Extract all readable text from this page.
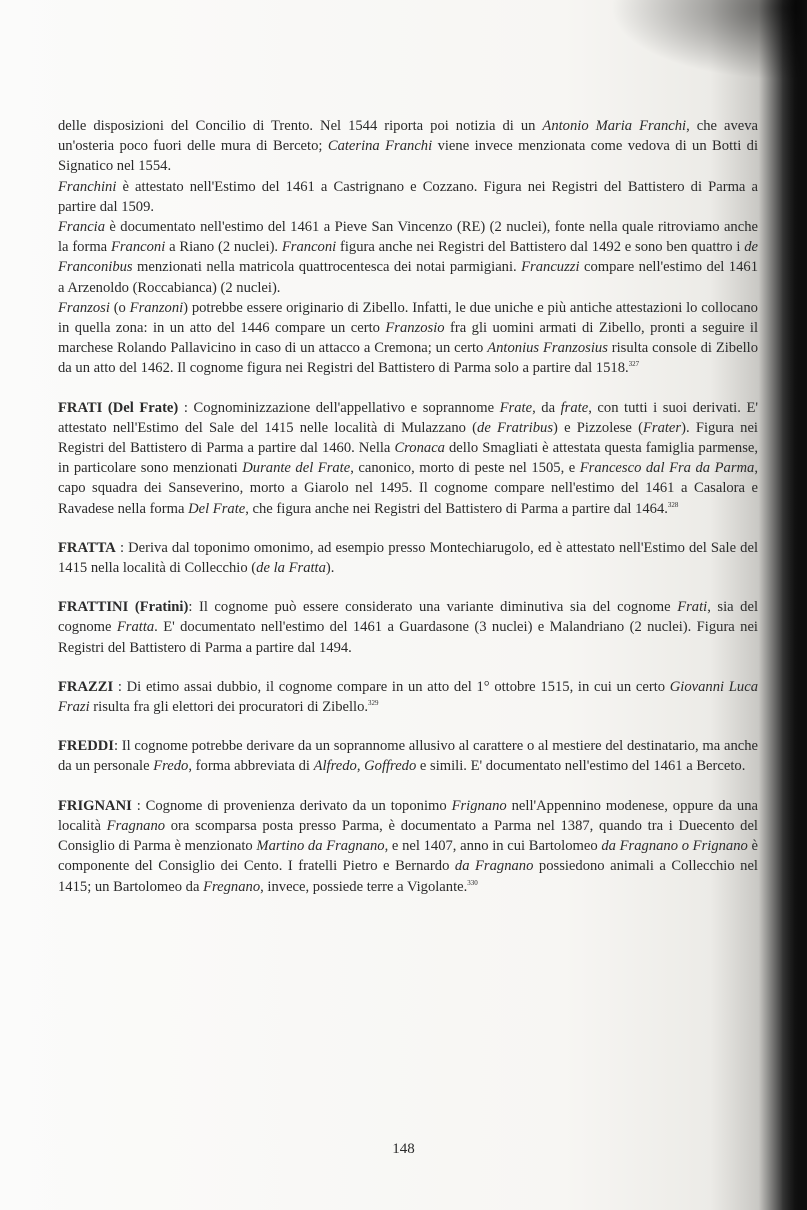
delle disposizioni del Concilio di Trento. Nel 1544 riporta poi notizia di un Antonio Maria Franchi, che aveva un'osteria poco fuori delle mura di Berceto; Caterina Franchi viene invece menzionata come vedova di un Botti di Signatico nel 1554.

Franchini è attestato nell'Estimo del 1461 a Castrignano e Cozzano. Figura nei Registri del Battistero di Parma a partire dal 1509.

Francia è documentato nell'estimo del 1461 a Pieve San Vincenzo (RE) (2 nuclei), fonte nella quale ritroviamo anche la forma Franconi a Riano (2 nuclei). Franconi figura anche nei Registri del Battistero dal 1492 e sono ben quattro i de Franconibus menzionati nella matricola quattrocentesca dei notai parmigiani. Francuzzi compare nell'estimo del 1461 a Arzenoldo (Roccabianca) (2 nuclei).

Franzosi (o Franzoni) potrebbe essere originario di Zibello. Infatti, le due uniche e più antiche attestazioni lo collocano in quella zona: in un atto del 1446 compare un certo Franzosio fra gli uomini armati di Zibello, pronti a seguire il marchese Rolando Pallavicino in caso di un attacco a Cremona; un certo Antonius Franzosius risulta console di Zibello da un atto del 1462. Il cognome figura nei Registri del Battistero di Parma solo a partire dal 1518.$^{327}$

FRATI (Del Frate) : Cognominizzazione dell'appellativo e soprannome Frate, da frate, con tutti i suoi derivati. E' attestato nell'Estimo del Sale del 1415 nelle località di Mulazzano (de Fratribus) e Pizzolese (Frater). Figura nei Registri del Battistero di Parma a partire dal 1460. Nella Cronaca dello Smagliati è attestata questa famiglia parmense, in particolare sono menzionati Durante del Frate, canonico, morto di peste nel 1505, e Francesco dal Fra da Parma, capo squadra dei Sanseverino, morto a Giarolo nel 1495. Il cognome compare nell'estimo del 1461 a Casalora e Ravadese nella forma Del Frate, che figura anche nei Registri del Battistero di Parma a partire dal 1464.$^{328}$

FRATTA : Deriva dal toponimo omonimo, ad esempio presso Montechiarugolo, ed è attestato nell'Estimo del Sale del 1415 nella località di Collecchio (de la Fratta).

FRATTINI (Fratini): Il cognome può essere considerato una variante diminutiva sia del cognome Frati, sia del cognome Fratta. E' documentato nell'estimo del 1461 a Guardasone (3 nuclei) e Malandriano (2 nuclei). Figura nei Registri del Battistero di Parma a partire dal 1494.

FRAZZI : Di etimo assai dubbio, il cognome compare in un atto del 1° ottobre 1515, in cui un certo Giovanni Luca Frazi risulta fra gli elettori dei procuratori di Zibello.$^{329}$

FREDDI: Il cognome potrebbe derivare da un soprannome allusivo al carattere o al mestiere del destinatario, ma anche da un personale Fredo, forma abbreviata di Alfredo, Goffredo e simili. E' documentato nell'estimo del 1461 a Berceto.

FRIGNANI : Cognome di provenienza derivato da un toponimo Frignano nell'Appennino modenese, oppure da una località Fragnano ora scomparsa posta presso Parma, è documentato a Parma nel 1387, quando tra i Duecento del Consiglio di Parma è menzionato Martino da Fragnano, e nel 1407, anno in cui Bartolomeo da Fragnano o Frignano è componente del Consiglio dei Cento. I fratelli Pietro e Bernardo da Fragnano possiedono animali a Collecchio nel 1415; un Bartolomeo da Fregnano, invece, possiede terre a Vigolante.$^{330}$

148
